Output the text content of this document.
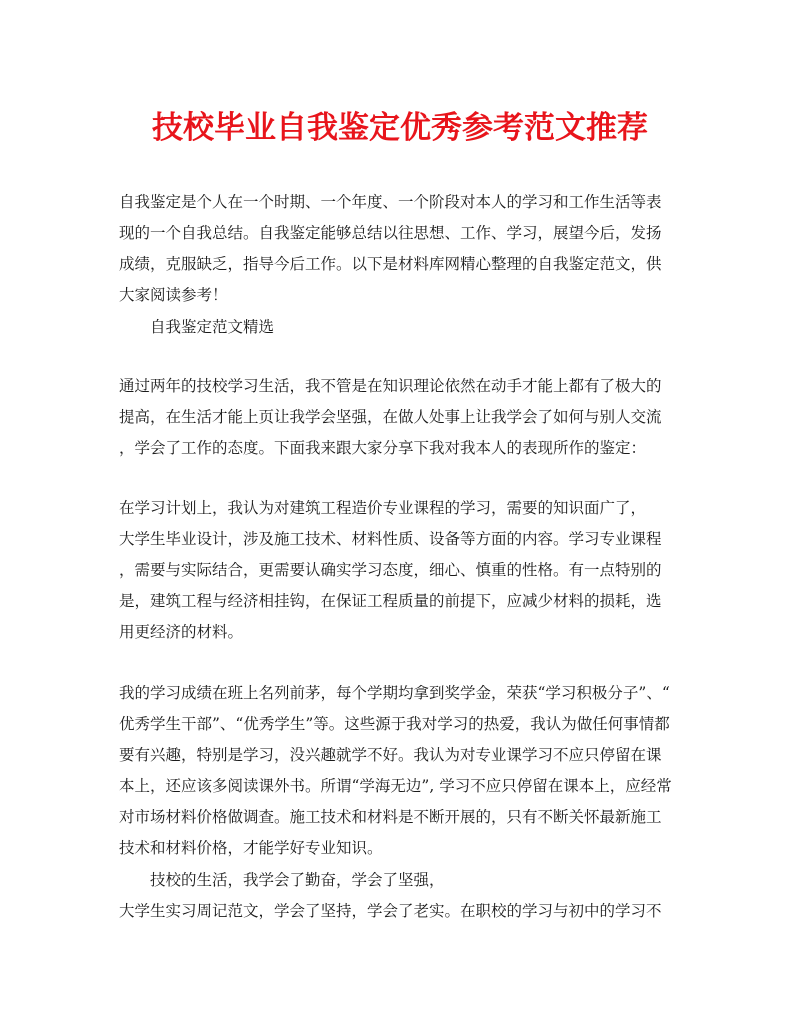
技校毕业自我鉴定优秀参考范文推荐
自我鉴定是个人在一个时期、一个年度、一个阶段对本人的学习和工作生活等表
现的一个自我总结。自我鉴定能够总结以往思想、工作、学习，展望今后，发扬
成绩，克服缺乏，指导今后工作。以下是材料库网精心整理的自我鉴定范文，供
大家阅读参考！
自我鉴定范文精选
通过两年的技校学习生活，我不管是在知识理论依然在动手才能上都有了极大的
提高，在生活才能上页让我学会坚强，在做人处事上让我学会了如何与别人交流
，学会了工作的态度。下面我来跟大家分享下我对我本人的表现所作的鉴定：
在学习计划上，我认为对建筑工程造价专业课程的学习，需要的知识面广了，
大学生毕业设计，涉及施工技术、材料性质、设备等方面的内容。学习专业课程
，需要与实际结合，更需要认确实学习态度，细心、慎重的性格。有一点特别的
是，建筑工程与经济相挂钩，在保证工程质量的前提下，应减少材料的损耗，选
用更经济的材料。
我的学习成绩在班上名列前茅，每个学期均拿到奖学金，荣获“学习积极分子”、“
优秀学生干部”、“优秀学生”等。这些源于我对学习的热爱，我认为做任何事情都
要有兴趣，特别是学习，没兴趣就学不好。我认为对专业课学习不应只停留在课
本上，还应该多阅读课外书。所谓“学海无边”, 学习不应只停留在课本上，应经常
对市场材料价格做调查。施工技术和材料是不断开展的，只有不断关怀最新施工
技术和材料价格，才能学好专业知识。
技校的生活，我学会了勤奋，学会了坚强，
大学生实习周记范文，学会了坚持，学会了老实。在职校的学习与初中的学习不
